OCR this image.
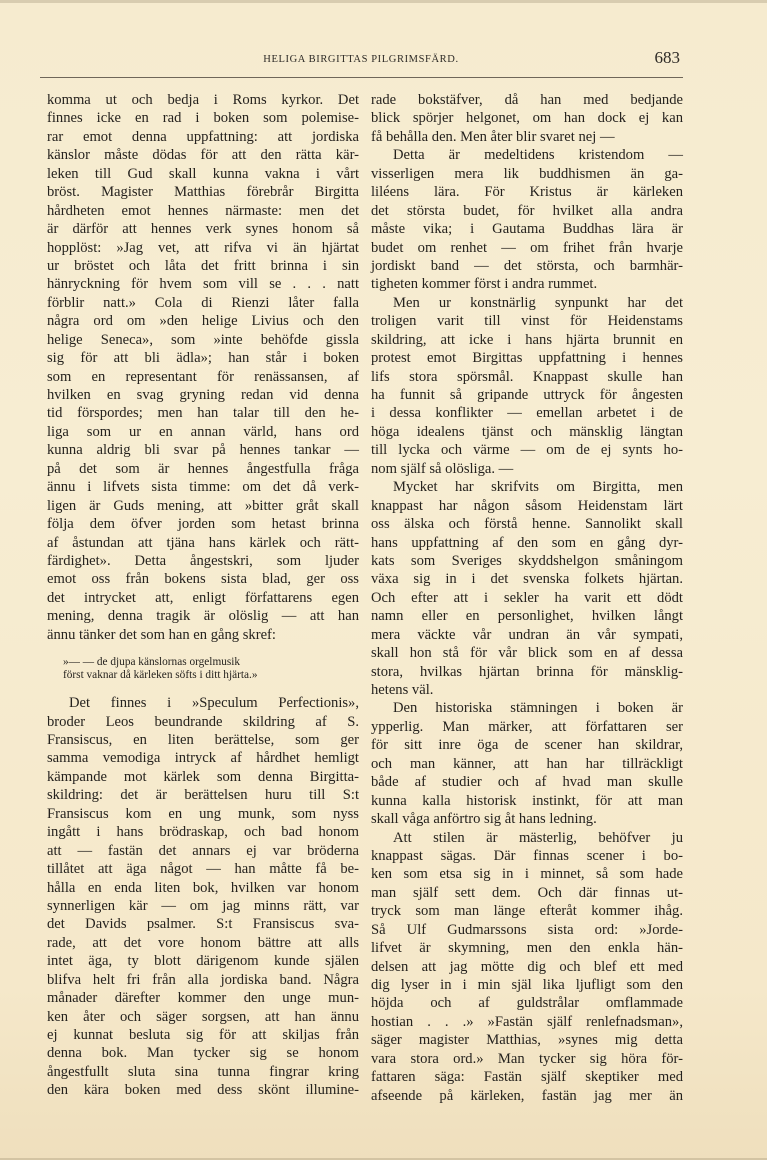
HELIGA BIRGITTAS PILGRIMSFÄRD.	683
komma ut och bedja i Roms kyrkor. Det
finnes icke en rad i boken som polemise-
rar emot denna uppfattning: att jordiska
känslor måste dödas för att den rätta kär-
leken till Gud skall kunna vakna i vårt
bröst. Magister Matthias förebrår Birgitta
hårdheten emot hennes närmaste: men det
är därför att hennes verk synes honom så
hopplöst: »Jag vet, att rifva vi än hjärtat
ur bröstet och låta det fritt brinna i sin
hänryckning för hvem som vill se . . . natt
förblir natt.» Cola di Rienzi låter falla
några ord om »den helige Livius och den
helige Seneca», som »inte behöfde gissla
sig för att bli ädla»; han står i boken
som en representant för renässansen, af
hvilken en svag gryning redan vid denna
tid förspordes; men han talar till den he-
liga som ur en annan värld, hans ord
kunna aldrig bli svar på hennes tankar —
på det som är hennes ångestfulla fråga
ännu i lifvets sista timme: om det då verk-
ligen är Guds mening, att »bitter gråt skall
följa dem öfver jorden som hetast brinna
af åstundan att tjäna hans kärlek och rätt-
färdighet». Detta ångestskri, som ljuder
emot oss från bokens sista blad, ger oss
det intrycket att, enligt författarens egen
mening, denna tragik är olöslig — att han
ännu tänker det som han en gång skref:
»— — de djupa känslornas orgelmusik
först vaknar då kärleken söfts i ditt hjärta.»
Det finnes i »Speculum Perfectionis»,
broder Leos beundrande skildring af S.
Fransiscus, en liten berättelse, som ger
samma vemodiga intryck af hårdhet hemligt
kämpande mot kärlek som denna Birgitta-
skildring: det är berättelsen huru till S:t
Fransiscus kom en ung munk, som nyss
ingått i hans brödraskap, och bad honom
att — fastän det annars ej var bröderna
tillåtet att äga något — han måtte få be-
hålla en enda liten bok, hvilken var honom
synnerligen kär — om jag minns rätt, var
det Davids psalmer. S:t Fransiscus sva-
rade, att det vore honom bättre att alls
intet äga, ty blott därigenom kunde själen
blifva helt fri från alla jordiska band. Några
månader därefter kommer den unge mun-
ken åter och säger sorgsen, att han ännu
ej kunnat besluta sig för att skiljas från
denna bok. Man tycker sig se honom
ångestfullt sluta sina tunna fingrar kring
den kära boken med dess skönt illumine-
rade bokstäfver, då han med bedjande
blick spörjer helgonet, om han dock ej kan
få behålla den. Men åter blir svaret nej —
Detta är medeltidens kristendom —
visserligen mera lik buddhismen än ga-
liléens lära. För Kristus är kärleken
det största budet, för hvilket alla andra
måste vika; i Gautama Buddhas lära är
budet om renhet — om frihet från hvarje
jordiskt band — det största, och barmhär-
tigheten kommer först i andra rummet.
Men ur konstnärlig synpunkt har det
troligen varit till vinst för Heidenstams
skildring, att icke i hans hjärta brunnit en
protest emot Birgittas uppfattning i hennes
lifs stora spörsmål. Knappast skulle han
ha funnit så gripande uttryck för ångesten
i dessa konflikter — emellan arbetet i de
höga idealens tjänst och mänsklig längtan
till lycka och värme — om de ej synts ho-
nom själf så olösliga. —
Mycket har skrifvits om Birgitta, men
knappast har någon såsom Heidenstam lärt
oss älska och förstå henne. Sannolikt skall
hans uppfattning af den som en gång dyr-
kats som Sveriges skyddshelgon småningom
växa sig in i det svenska folkets hjärtan.
Och efter att i sekler ha varit ett dödt
namn eller en personlighet, hvilken långt
mera väckte vår undran än vår sympati,
skall hon stå för vår blick som en af dessa
stora, hvilkas hjärtan brinna för mänsklig-
hetens väl.
Den historiska stämningen i boken är
ypperlig. Man märker, att författaren ser
för sitt inre öga de scener han skildrar,
och man känner, att han har tillräckligt
både af studier och af hvad man skulle
kunna kalla historisk instinkt, för att man
skall våga anförtro sig åt hans ledning.
Att stilen är mästerlig, behöfver ju
knappast sägas. Där finnas scener i bo-
ken som etsa sig in i minnet, så som hade
man själf sett dem. Och där finnas ut-
tryck som man länge efteråt kommer ihåg.
Så Ulf Gudmarssons sista ord: »Jorde-
lifvet är skymning, men den enkla hän-
delsen att jag mötte dig och blef ett med
dig lyser in i min själ lika ljufligt som den
höjda och af guldstrålar omflammade
hostian . . .» »Fastän själf renlefnadsman»,
säger magister Matthias, »synes mig detta
vara stora ord.» Man tycker sig höra för-
fattaren säga: Fastän själf skeptiker med
afseende på kärleken, fastän jag mer än
